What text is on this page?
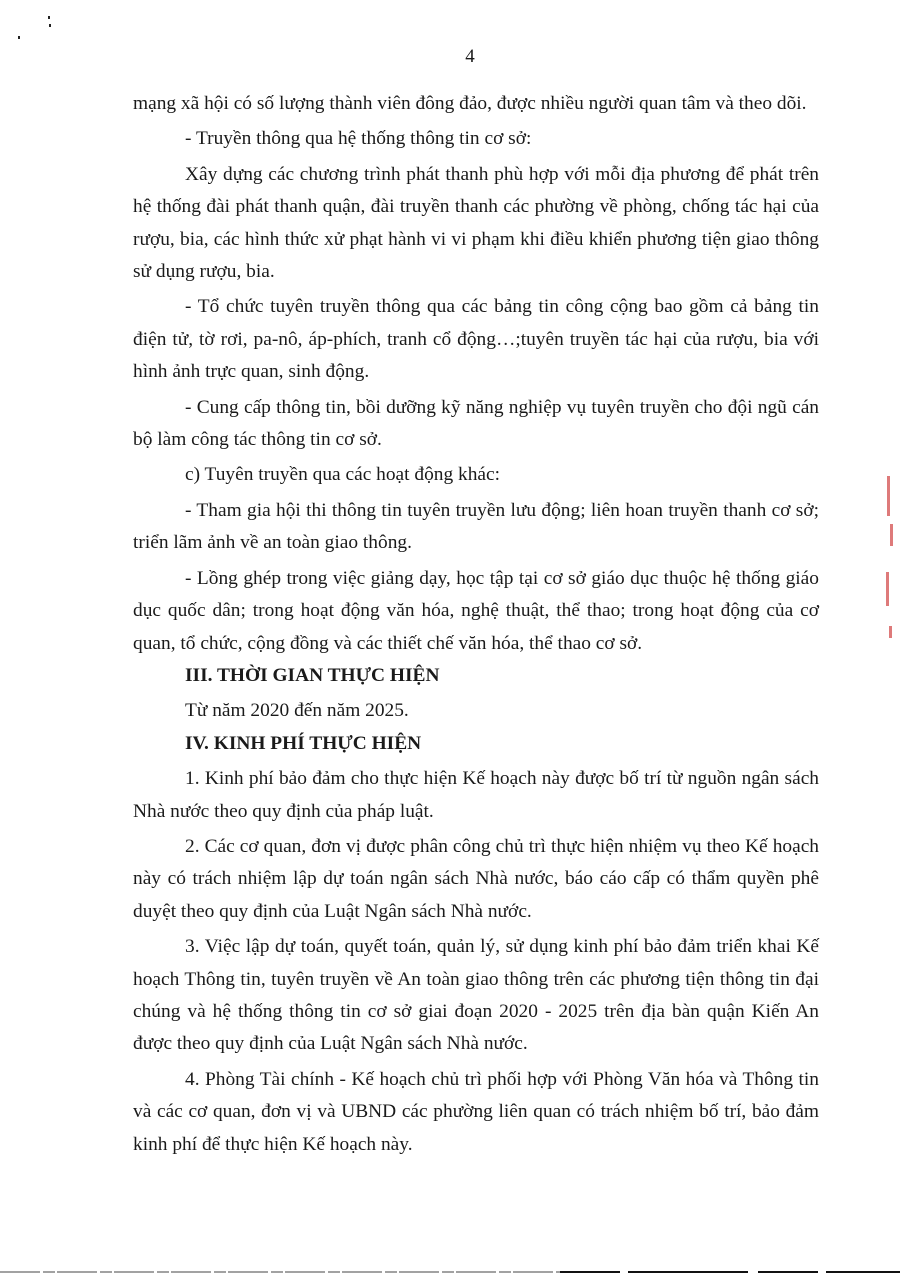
4

mạng xã hội có số lượng thành viên đông đảo, được nhiều người quan tâm và theo dõi.

- Truyền thông qua hệ thống thông tin cơ sở:

Xây dựng các chương trình phát thanh phù hợp với mỗi địa phương để phát trên hệ thống đài phát thanh quận, đài truyền thanh các phường về phòng, chống tác hại của rượu, bia, các hình thức xử phạt hành vi vi phạm khi điều khiển phương tiện giao thông sử dụng rượu, bia.

- Tổ chức tuyên truyền thông qua các bảng tin công cộng bao gồm cả bảng tin điện tử, tờ rơi, pa-nô, áp-phích, tranh cổ động…;tuyên truyền tác hại của rượu, bia với hình ảnh trực quan, sinh động.

- Cung cấp thông tin, bồi dưỡng kỹ năng nghiệp vụ tuyên truyền cho đội ngũ cán bộ làm công tác thông tin cơ sở.

c) Tuyên truyền qua các hoạt động khác:

- Tham gia hội thi thông tin tuyên truyền lưu động; liên hoan truyền thanh cơ sở; triển lãm ảnh về an toàn giao thông.

- Lồng ghép trong việc giảng dạy, học tập tại cơ sở giáo dục thuộc hệ thống giáo dục quốc dân; trong hoạt động văn hóa, nghệ thuật, thể thao; trong hoạt động của cơ quan, tổ chức, cộng đồng và các thiết chế văn hóa, thể thao cơ sở.

III. THỜI GIAN THỰC HIỆN

Từ năm 2020 đến năm 2025.

IV. KINH PHÍ THỰC HIỆN

1. Kinh phí bảo đảm cho thực hiện Kế hoạch này được bố trí từ nguồn ngân sách Nhà nước theo quy định của pháp luật.

2. Các cơ quan, đơn vị được phân công chủ trì thực hiện nhiệm vụ theo Kế hoạch này có trách nhiệm lập dự toán ngân sách Nhà nước, báo cáo cấp có thẩm quyền phê duyệt theo quy định của Luật Ngân sách Nhà nước.

3. Việc lập dự toán, quyết toán, quản lý, sử dụng kinh phí bảo đảm triển khai Kế hoạch Thông tin, tuyên truyền về An toàn giao thông trên các phương tiện thông tin đại chúng và hệ thống thông tin cơ sở giai đoạn 2020 - 2025 trên địa bàn quận Kiến An được theo quy định của Luật Ngân sách Nhà nước.

4. Phòng Tài chính - Kế hoạch chủ trì phối hợp với Phòng Văn hóa và Thông tin và các cơ quan, đơn vị và UBND các phường liên quan có trách nhiệm bố trí, bảo đảm kinh phí để thực hiện Kế hoạch này.
